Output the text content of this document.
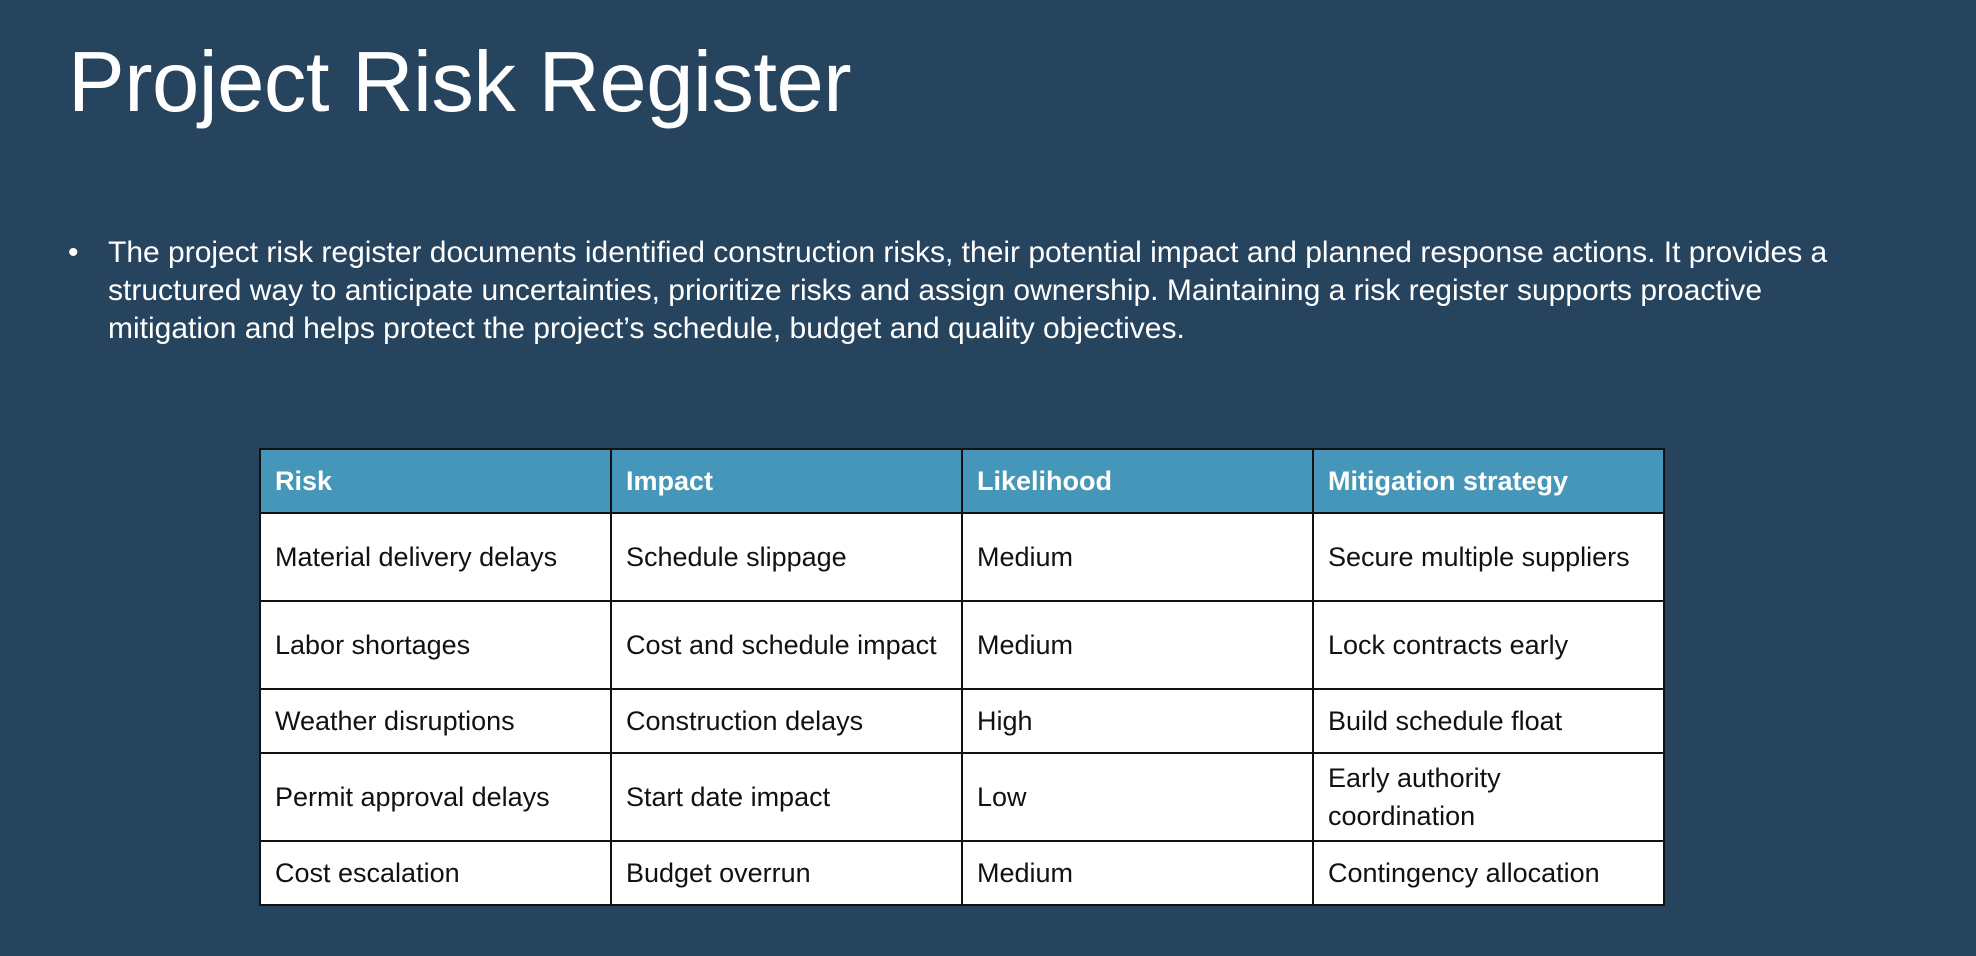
Project Risk Register
• The project risk register documents identified construction risks, their potential impact and planned response actions. It provides a structured way to anticipate uncertainties, prioritize risks and assign ownership. Maintaining a risk register supports proactive mitigation and helps protect the project’s schedule, budget and quality objectives.
Risk	Impact	Likelihood	Mitigation strategy
Material delivery delays	Schedule slippage	Medium	Secure multiple suppliers
Labor shortages	Cost and schedule impact	Medium	Lock contracts early
Weather disruptions	Construction delays	High	Build schedule float
Permit approval delays	Start date impact	Low	Early authority coordination
Cost escalation	Budget overrun	Medium	Contingency allocation
